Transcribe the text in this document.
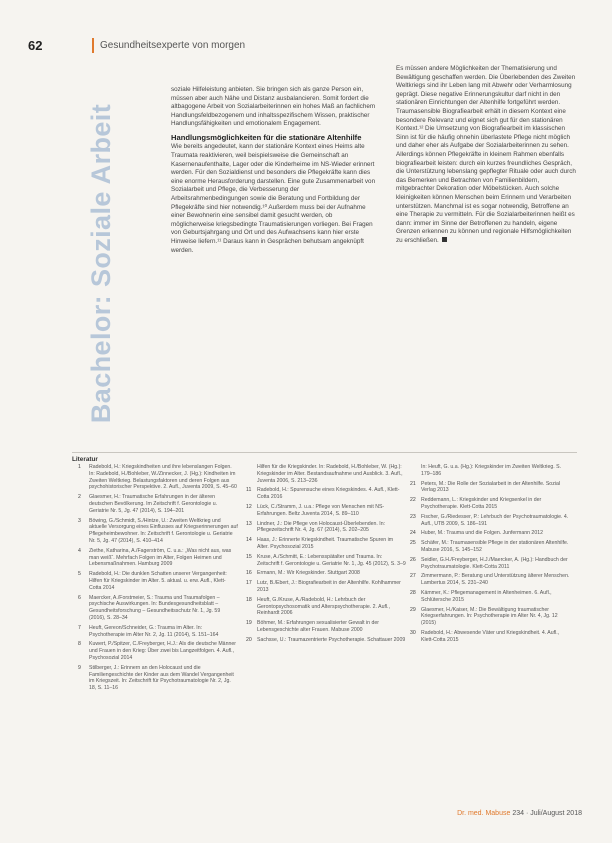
62	Gesundheitsexperte von morgen
Bachelor: Soziale Arbeit

soziale Hilfeleistung anbieten. Sie bringen sich als ganze Person ein, müssen aber auch Nähe und Distanz ausbalancieren. Somit fordert die altbagogene Arbeit von Sozialarbeiterinnen ein hohes Maß an fachlichem Handlungsfeldbezogenem und inhaltsspezifischem Wissen, praktischer Handlungsfähigkeiten und emotionalem Engagement.

Handlungsmöglichkeiten für die stationäre Altenhilfe

Wie bereits angedeutet, kann der stationäre Kontext eines Heims alte Traumata reaktivieren, weil beispielsweise die Gemeinschaft an Kasernenaufenthalte, Lager oder die Kinderheime im NS-Wieder erinnert werden. Für den Sozialdienst und besonders die Pflegekräfte kann dies eine enorme Herausforderung darstellen. Eine gute Zusammenarbeit von Sozialarbeit und Pflege, die Verbesserung der Arbeitsrahmenbedingungen sowie die Beratung und Fortbildung der Pflegekräfte sind hier notwendig.¹⁰ Außerdem muss bei der Aufnahme einer Bewohnerin eine sensibel damit gesucht werden, ob möglicherweise kriegsbedingte Traumatisierungen vorliegen. Bei Fragen von Geburtsjahrgang und Ort und des Aufwachsens kann hier erste Hinweise liefern.¹¹ Daraus kann in Gesprächen behutsam angeknüpft werden.

Es müssen andere Möglichkeiten der Thematisierung und Bewältigung geschaffen werden. Die Überlebenden des Zweiten Weltkriegs sind ihr Leben lang mit Abwehr oder Verharmlosung geprägt. Diese negative Erinnerungskultur darf nicht in den stationären Einrichtungen der Altenhilfe fortgeführt werden.

Traumasensible Biografiearbeit erhält in diesem Kontext eine besondere Relevanz und eignet sich gut für den stationären Kontext.¹² Die Umsetzung von Biografiearbeit im klassischen Sinn ist für die häufig ohnehin überlastete Pflege nicht möglich und daher eher als Aufgabe der Sozialarbeiterinnen zu sehen. Allerdings können Pflegekräfte in kleinem Rahmen ebenfalls biografiearbeit leisten: durch ein kurzes freundliches Gespräch, die Unterstützung lebenslang gepflegter Rituale oder auch durch das Bemerken und Betrachten von Familienbildern, mitgebrachter Dekoration oder Möbelstücken. Auch solche kleinigkeiten können Menschen beim Erinnern und Verarbeiten unterstützen. Manchmal ist es sogar notwendig, Betroffene an eine Therapie zu vermitteln. Für die Sozialarbeiterinnen heißt es dann: immer im Sinne der Betroffenen zu handeln, eigene Grenzen erkennen zu können und regionale Hilfsmöglichkeiten zu erschließen.

Literatur
1	Radebold, H.: Kriegskindheiten und ihre lebenslangen Folgen. In: Radebold, H./Bohleber, W./Zinnecker, J. (Hg.): Kindheiten im Zweiten Weltkrieg. Belastungsfaktoren und deren Folgen aus psychohistorischer Perspektive. 2. Aufl., Juventa 2009, S. 45–60
2	Glaesmer, H.: Traumatische Erfahrungen in der älteren deutschen Bevölkerung. Im Zeitschrift f. Gerontologie u. Geriatrie Nr. 5, Jg. 47 (2014), S. 194–201
3	Böwing, G./Schmidt, S./Hintze, U.: Zweiten Weltkrieg und aktuelle Versorgung eines Einflusses auf Kriegserinnerungen auf Pflegeheimbewohner. In: Zeitschrift f. Gerontologie u. Geriatrie Nr. 5, Jg. 47 (2014), S. 410–414
4	Ziethe, Katharina, A./Fagerström, C. u.a.: „Was nicht aus, was man weiß“. Mehrfach Folgen im Alter, Folgen Heimen und Lebensmaßnahmen. Hamburg 2009
5	Radebold, H.: Die dunklen Schatten unserer Vergangenheit: Hilfen für Kriegskinder im Alter. 5. aktual. u. erw. Aufl., Klett-Cotta 2014
6	Maercker, A./Forstmeier, S.: Trauma und Traumafolgen – psychische Auswirkungen. In: Bundesgesundheitsblatt – Gesundheitsforschung – Gesundheitsschutz Nr. 1, Jg. 59 (2016), S. 28–34
7	Heuft, Gereon/Schneider, G.: Trauma im Alter. In: Psychotherapie im Alter Nr. 2, Jg. 11 (2014), S. 151–164
8	Kuwert, P./Spitzer, C./Freyberger, H.J.: Als die deutsche Männer und Frauen in den Krieg: Über zwei bis Langzeitfolgen. 4. Aufl., Psychosozial 2014
9	Stilberger, J.: Erinnern an den Holocaust und die Familiengeschichte der Kinder aus dem Wandel Vergangenheit im Kriegszeit. In: Zeitschrift für Psychotraumatologie Nr. 2, Jg. 18, S. 11–16
Hilfen für die Kriegskinder. In: Radebold, H./Bohleber, W. (Hg.): Kriegskinder im Alter. Bestandsaufnahme und Ausblick. 3. Aufl., Juventa 2006, S. 213–236
11	Radebold, H.: Spurensuche eines Kriegskindes. 4. Aufl., Klett-Cotta 2016
12	Lück, C./Stramm, J. u.a.: Pflege von Menschen mit NS-Erfahrungen. Beltz Juventa 2014, S. 89–110
13	Lindner, J.: Die Pflege von Holocaust-Überlebenden. In: Pflegezeitschrift Nr. 4, Jg. 67 (2014), S. 202–205
14	Haas, J.: Erinnerte Kriegskindheit. Traumatische Spuren im Alter. Psychosozial 2015
15	Kruse, A./Schmitt, E.: Lebensspätalter und Trauma. In: Zeitschrift f. Gerontologie u. Geriatrie Nr. 1, Jg. 45 (2012), S. 3–9
16	Ermann, M.: Wir Kriegskinder. Stuttgart 2008
17	Lutz, B./Ebert, J.: Biografiearbeit in der Altenhilfe. Kohlhammer 2013
18	Heuft, G./Kruse, A./Radebold, H.: Lehrbuch der Gerontopsychosomatik und Alterspsychotherapie. 2. Aufl., Reinhardt 2006
19	Böhmer, M.: Erfahrungen sexualisierter Gewalt in der Lebensgeschichte alter Frauen. Mabuse 2000
20	Sachsse, U.: Traumazentrierte Psychotherapie. Schattauer 2009
In: Heuft, G. u.a. (Hg.): Kriegskinder im Zweiten Weltkrieg. S. 179–186
21	Peters, M.: Die Rolle der Sozialarbeit in der Altenhilfe. Sozial Verlag 2013
22	Reddemann, L.: Kriegskinder und Kriegsenkel in der Psychotherapie. Klett-Cotta 2015
23	Fischer, G./Riedesser, P.: Lehrbuch der Psychotraumatologie. 4. Aufl., UTB 2009, S. 186–191
24	Huber, M.: Trauma und die Folgen. Junfermann 2012
25	Schäfer, M.: Traumasensible Pflege in der stationären Altenhilfe. Mabuse 2016, S. 145–152
26	Seidler, G.H./Freyberger, H.J./Maercker, A. (Hg.): Handbuch der Psychotraumatologie. Klett-Cotta 2011
27	Zimmermann, P.: Beratung und Unterstützung älterer Menschen. Lambertus 2014, S. 231–240
28	Kämmer, K.: Pflegemanagement in Altenheimen. 6. Aufl., Schlütersche 2015
29	Glaesmer, H./Kaiser, M.: Die Bewältigung traumatischer Kriegserfahrungen. In: Psychotherapie im Alter Nr. 4, Jg. 12 (2015)
30	Radebold, H.: Abwesende Väter und Kriegskindheit. 4. Aufl., Klett-Cotta 2015
Dr. med. Mabuse 234 · Juli/August 2018
